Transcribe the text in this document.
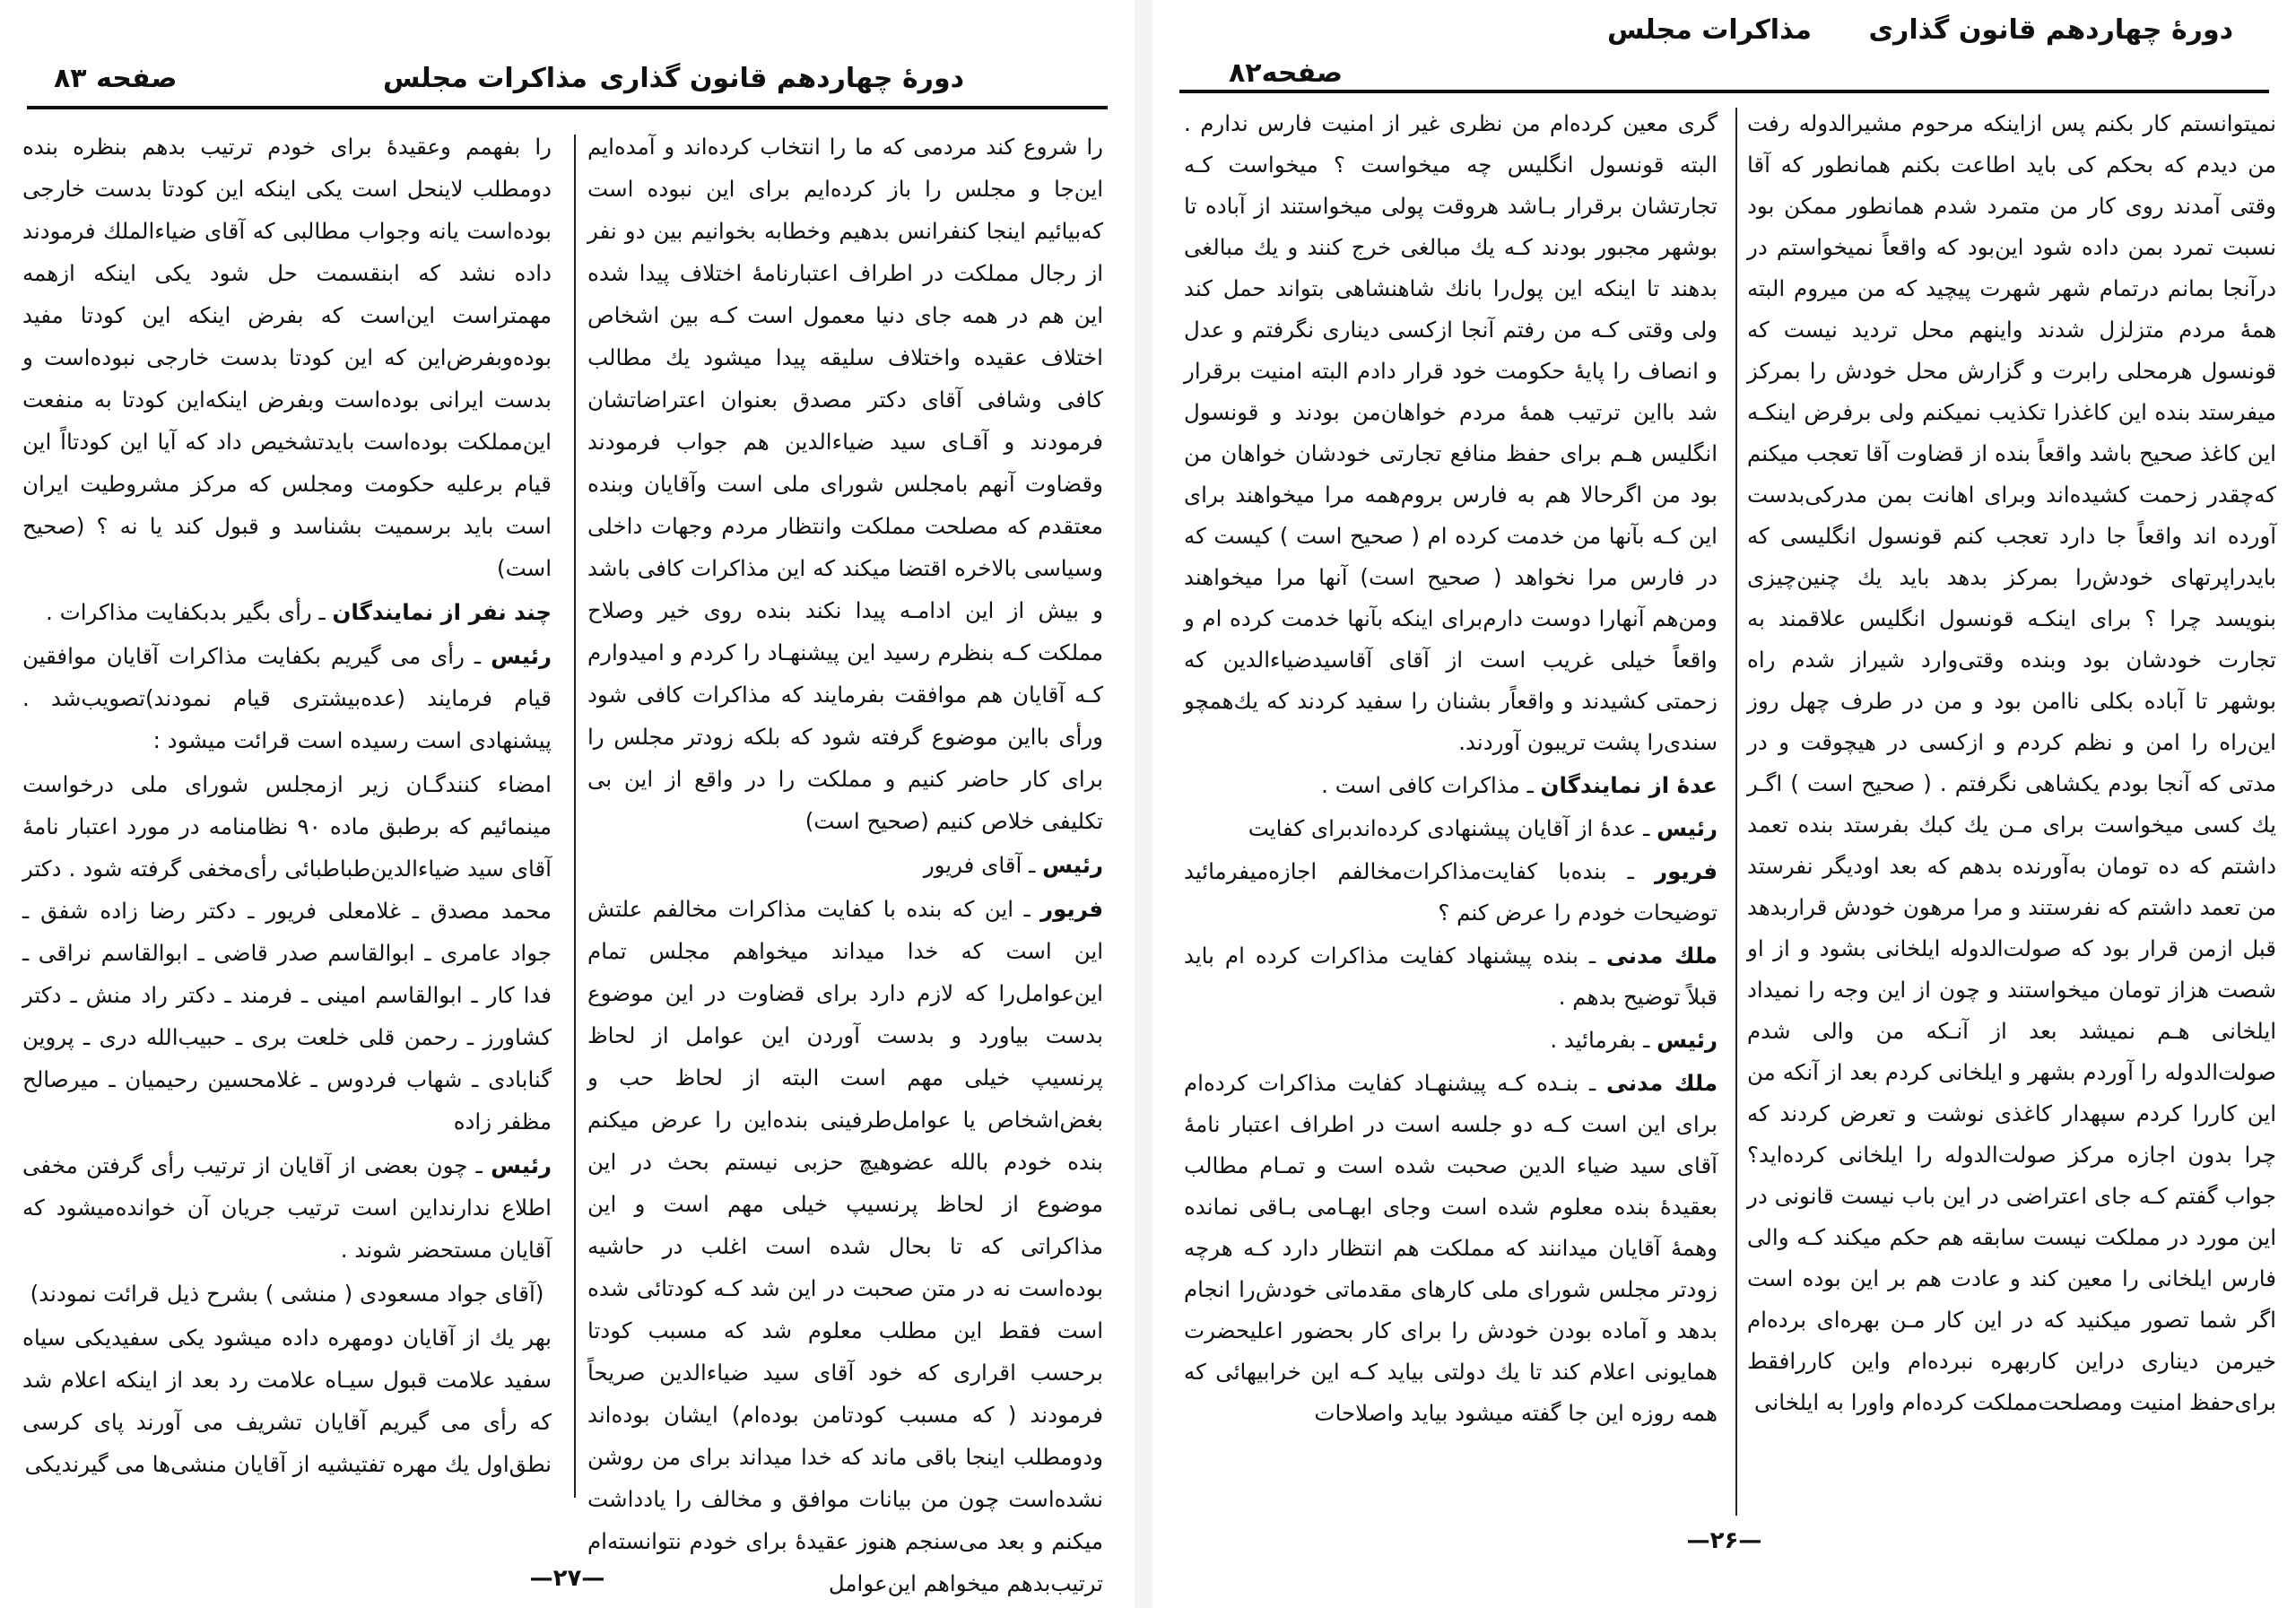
دورهٔ چهاردهم قانون گذاری
مذاکرات مجلس
صفحه ۸۳

را شروع کند مردمی که ما را انتخاب کرده‌اند و آمده‌ایم این‌جا و مجلس را باز کرده‌ایم برای این نبوده است که‌بیائیم اینجا کنفرانس بدهیم وخطابه بخوانیم بین دو نفر از رجال مملکت در اطراف اعتبارنامهٔ اختلاف پیدا شده این هم در همه جای دنیا معمول است کـه بین اشخاص اختلاف عقیده واختلاف سلیقه پیدا میشود یك مطالب کافی وشافی آقای دکتر مصدق بعنوان اعتراضاتشان فرمودند و آقـای سید ضیاءالدین هم جواب فرمودند وقضاوت آنهم بامجلس شورای ملی است وآقایان وبنده معتقدم که مصلحت مملکت وانتظار مردم وجهات داخلی وسیاسی بالاخره اقتضا میکند که این مذاکرات کافی باشد و بیش از این ادامـه پیدا نکند بنده روی خیر وصلاح مملکت کـه بنظرم رسید این پیشنهـاد را کردم و امیدوارم کـه آقایان هم موافقت بفرمایند که مذاکرات کافی شود ورأی بااین موضوع گرفته شود که بلکه زودتر مجلس را برای کار حاضر کنیم و مملکت را در واقع از این بی تکلیفی خلاص کنیم (صحیح است)

رئیس ـ آقای فریور

فریور ـ این که بنده با کفایت مذاکرات مخالفم علتش این است که خدا میداند میخواهم مجلس تمام این‌عوامل‌را که لازم دارد برای قضاوت در این موضوع بدست بیاورد و بدست آوردن این عوامل از لحاظ پرنسیپ خیلی مهم است البته از لحاظ حب و بغض‌اشخاص یا عوامل‌طرفینی بنده‌این را عرض میکنم بنده خودم بالله عضوهیچ حزبی نیستم بحث در این موضوع از لحاظ پرنسیپ خیلی مهم است و این مذاکراتی که تا بحال شده است اغلب در حاشیه بوده‌است نه در متن صحبت در این شد کـه کودتائی شده است فقط این مطلب معلوم شد که مسبب کودتا برحسب اقراری که خود آقای سید ضیاءالدین صریحاً فرمودند ( که مسبب کودتامن بوده‌ام) ایشان بوده‌اند ودومطلب اینجا باقی ماند که خدا میداند برای من روشن نشده‌است چون من بیانات موافق و مخالف را یادداشت میکنم و بعد می‌سنجم هنوز عقیدهٔ برای خودم نتوانسته‌ام ترتیب‌بدهم میخواهم این‌عوامل

را بفهمم وعقیدهٔ برای خودم ترتیب بدهم بنظره بنده دومطلب لاینحل است یکی اینکه این کودتا بدست خارجی بوده‌است یانه وجواب مطالبی که آقای ضیاءالملك فرمودند داده نشد که ابنقسمت حل شود یکی اینکه ازهمه مهمتراست این‌است که بفرض اینکه این کودتا مفید بوده‌وبفرض‌این که این کودتا بدست خارجی نبوده‌است و بدست ایرانی بوده‌است وبفرض اینکه‌این کودتا به منفعت این‌مملکت بوده‌است بایدتشخیص داد که آیا این کودتااً این قیام برعلیه حکومت ومجلس که مرکز مشروطیت ایران است باید برسمیت بشناسد و قبول کند یا نه ؟ (صحیح است)

چند نفر از نمایندگان ـ رأی بگیر بدبکفایت مذاکرات .

رئیس ـ رأی می گیریم بکفایت مذاکرات آقایان موافقین قیام فرمایند (عده‌بیشتری قیام نمودند)تصویب‌شد . پیشنهادی است رسیده است قرائت میشود :

امضاء کنندگـان زیر ازمجلس شورای ملی درخواست مینمائیم که برطبق ماده ۹۰ نظامنامه در مورد اعتبار نامهٔ آقای سید ضیاءالدین‌طباطبائی رأی‌مخفی گرفته شود . دکتر محمد مصدق ـ غلامعلی فریور ـ دکتر رضا زاده شفق ـ جواد عامری ـ ابوالقاسم صدر قاضی ـ ابوالقاسم نراقی ـ فدا کار ـ ابوالقاسم امینی ـ فرمند ـ دکتر راد منش ـ دکتر کشاورز ـ رحمن قلی خلعت بری ـ حبیب‌الله دری ـ پروین گنابادی ـ شهاب فردوس ـ غلامحسین رحیمیان ـ میرصالح مظفر زاده

رئیس ـ چون بعضی از آقایان از ترتیب رأی گرفتن مخفی اطلاع ندارند‌این است ترتیب جریان آن خوانده‌میشود که آقایان مستحضر شوند .

(آقای جواد مسعودی ( منشی ) بشرح ذیل قرائت نمودند)

بهر یك از آقایان دومهره داده میشود یکی سفیدیکی سیاه سفید علامت قبول سیـاه علامت رد بعد از اینکه اعلام شد که رأی می گیریم آقایان تشریف می آورند پای کرسی نطق‌اول یك مهره تفتیشیه از آقایان منشی‌ها می گیرندیکی

—۲۷—
دورهٔ چهاردهم قانون گذاری
مذاکرات مجلس
صفحه۸۲

نمیتوانستم کار بکنم پس ازاینکه مرحوم مشیرالدوله رفت من دیدم که بحکم کی باید اطاعت بکنم همانطور که آقا وقتی آمدند روی کار من متمرد شدم همانطور ممکن بود نسبت تمرد بمن داده شود این‌بود که واقعاً نمیخواستم در درآنجا بمانم درتمام شهر شهرت پیچید که من میروم البته همهٔ مردم متزلزل شدند واینهم محل تردید نیست که قونسول هرمحلی رابرت و گزارش محل خودش را بمرکز میفرستد بنده این کاغذرا تکذیب نمیکنم ولی برفرض اینکـه این کاغذ صحیح باشد واقعاً بنده از قضاوت آقا تعجب میکنم که‌چقدر زحمت کشیده‌اند وبرای اهانت بمن مدرکی‌بدست آورده اند واقعاً جا دارد تعجب کنم قونسول انگلیسی که بایدراپرتهای خودش‌را بمرکز بدهد باید یك چنین‌چیزی بنویسد چرا ؟ برای اینکـه قونسول انگلیس علاقمند به تجارت خودشان بود وبنده وقتی‌وارد شیراز شدم راه بوشهر تا آباده بکلی ناامن بود و من در طرف چهل روز این‌راه را امن و نظم کردم و ازکسی در هیچوقت و در مدتی که آنجا بودم یکشاهی نگرفتم . ( صحیح است ) اگـر یك کسی میخواست برای مـن یك کبك بفرستد بنده تعمد داشتم که ده تومان به‌آورنده بدهم که بعد اودیگر نفرستد من تعمد داشتم که نفرستند و مرا مرهون خودش قراربدهد قبل ازمن قرار بود که صولت‌الدوله ایلخانی بشود و از او شصت هزاز تومان میخواستند و چون از این وجه را نمیداد ایلخانی هـم نمیشد بعد از آنـکه من والی شدم صولت‌الدوله را آوردم بشهر و ایلخانی کردم بعد از آنکه من این کاررا کردم سپهدار کاغذی نوشت و تعرض کردند که چرا بدون اجازه مرکز صولت‌الدوله را ایلخانی کرده‌اید؟ جواب گفتم کـه جای اعتراضی در این باب نیست قانونی در این مورد در مملکت نیست سابقه هم حکم میکند کـه والی فارس ایلخانی را معین کند و عادت هم بر این بوده است اگر شما تصور میکنید که در این کار مـن بهره‌ای برده‌ام خیرمن دیناری دراین کاربهره نبرده‌ام واین کاررافقط برای‌حفظ امنیت ومصلحت‌مملکت کرده‌ام واورا به ایلخانی

گری معین کرده‌ام من نظری غیر از امنیت فارس ندارم . البته قونسول انگلیس چه میخواست ؟ میخواست کـه تجارتشان برقرار بـاشد هروقت پولی میخواستند از آباده تا بوشهر مجبور بودند کـه یك مبالغی خرج کنند و یك مبالغی بدهند تا اینکه این پول‌را بانك شاهنشاهی بتواند حمل کند ولی وقتی کـه من رفتم آنجا ازکسی دیناری نگرفتم و عدل و انصاف را پایهٔ حکومت خود قرار دادم البته امنیت برقرار شد بااین ترتیب همهٔ مردم خواهان‌من بودند و قونسول انگلیس هـم برای حفظ منافع تجارتی خودشان خواهان من بود من اگرحالا هم به فارس بروم‌همه مرا میخواهند برای این کـه بآنها من خدمت کرده ام ( صحیح است ) کیست که در فارس مرا نخواهد ( صحیح است) آنها مرا میخواهند ومن‌هم آنهارا دوست دارم‌برای اینکه بآنها خدمت کرده ام و واقعاً خیلی غریب است از آقای آقاسیدضیاءالدین که زحمتی کشیدند و واقعاًر بشنان را سفید کردند که یك‌همچو سندی‌را پشت تریبون آوردند.

عدهٔ از نمایندگان ـ مذاکرات کافی است .

رئیس ـ عدهٔ از آقایان پیشنهادی کرده‌اند‌برای کفایت

فریور ـ بنده‌با کفایت‌مذاکرات‌مخالفم اجازه‌میفرمائید توضیحات خودم را عرض کنم ؟

ملك مدنی ـ بنده پیشنهاد کفایت مذاکرات کرده ام باید قبلاً توضیح بدهم .

رئیس ـ بفرمائید .

ملك مدنی ـ بنـده کـه پیشنهـاد کفایت مذاکرات کرده‌ام برای این است کـه دو جلسه است در اطراف اعتبار نامهٔ آقای سید ضیاء الدین صحبت شده است و تمـام مطالب بعقیدهٔ بنده معلوم شده است وجای ابهـامی بـاقی نمانده وهمهٔ آقایان میدانند که مملکت هم انتظار دارد کـه هرچه زودتر مجلس شورای ملی کارهای مقدماتی خودش‌را انجام بدهد و آماده بودن خودش را برای کار بحضور اعلیحضرت همایونی اعلام کند تا یك دولتی بیاید کـه این خرابیهائی که همه روزه این جا گفته میشود بیاید واصلاحات

—۲۶—
